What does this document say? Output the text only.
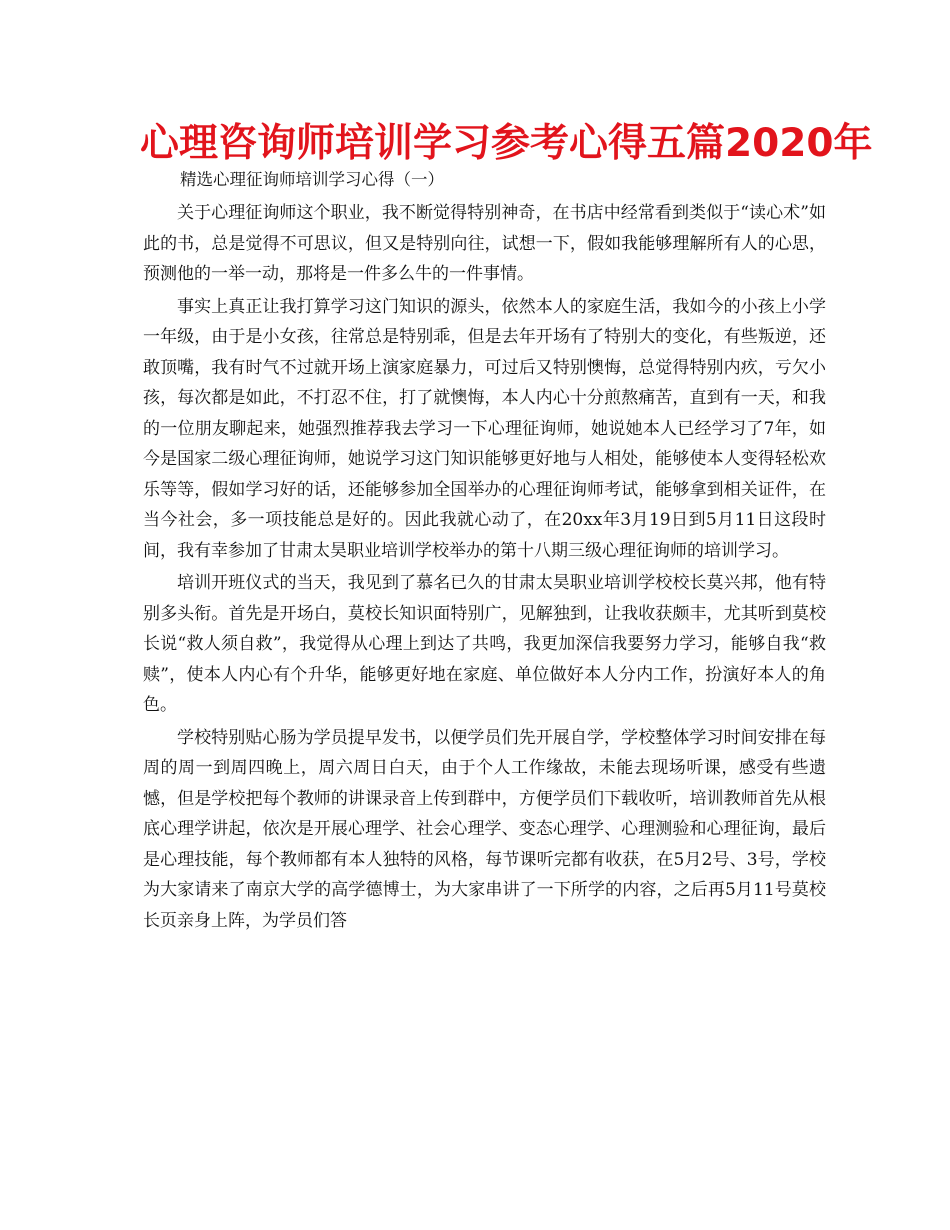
心理咨询师培训学习参考心得五篇2020年
精选心理征询师培训学习心得（一）

关于心理征询师这个职业，我不断觉得特别神奇，在书店中经常看到类似于“读心术”如此的书，总是觉得不可思议，但又是特别向往，试想一下，假如我能够理解所有人的心思，预测他的一举一动，那将是一件多么牛的一件事情。

事实上真正让我打算学习这门知识的源头，依然本人的家庭生活，我如今的小孩上小学一年级，由于是小女孩，往常总是特别乖，但是去年开场有了特别大的变化，有些叛逆，还敢顶嘴，我有时气不过就开场上演家庭暴力，可过后又特别懊悔，总觉得特别内疚，亏欠小孩，每次都是如此，不打忍不住，打了就懊悔，本人内心十分煎熬痛苦，直到有一天，和我的一位朋友聊起来，她强烈推荐我去学习一下心理征询师，她说她本人已经学习了7年，如今是国家二级心理征询师，她说学习这门知识能够更好地与人相处，能够使本人变得轻松欢乐等等，假如学习好的话，还能够参加全国举办的心理征询师考试，能够拿到相关证件，在当今社会，多一项技能总是好的。因此我就心动了，在20xx年3月19日到5月11日这段时间，我有幸参加了甘肃太昊职业培训学校举办的第十八期三级心理征询师的培训学习。

培训开班仪式的当天，我见到了慕名已久的甘肃太昊职业培训学校校长莫兴邦，他有特别多头衔。首先是开场白，莫校长知识面特别广，见解独到，让我收获颇丰，尤其听到莫校长说“救人须自救”，我觉得从心理上到达了共鸣，我更加深信我要努力学习，能够自我“救赎”，使本人内心有个升华，能够更好地在家庭、单位做好本人分内工作，扮演好本人的角色。

学校特别贴心肠为学员提早发书，以便学员们先开展自学，学校整体学习时间安排在每周的周一到周四晚上，周六周日白天，由于个人工作缘故，未能去现场听课，感受有些遗憾，但是学校把每个教师的讲课录音上传到群中，方便学员们下载收听，培训教师首先从根底心理学讲起，依次是开展心理学、社会心理学、变态心理学、心理测验和心理征询，最后是心理技能，每个教师都有本人独特的风格，每节课听完都有收获，在5月2号、3号，学校为大家请来了南京大学的高学德博士，为大家串讲了一下所学的内容，之后再5月11号莫校长页亲身上阵，为学员们答
